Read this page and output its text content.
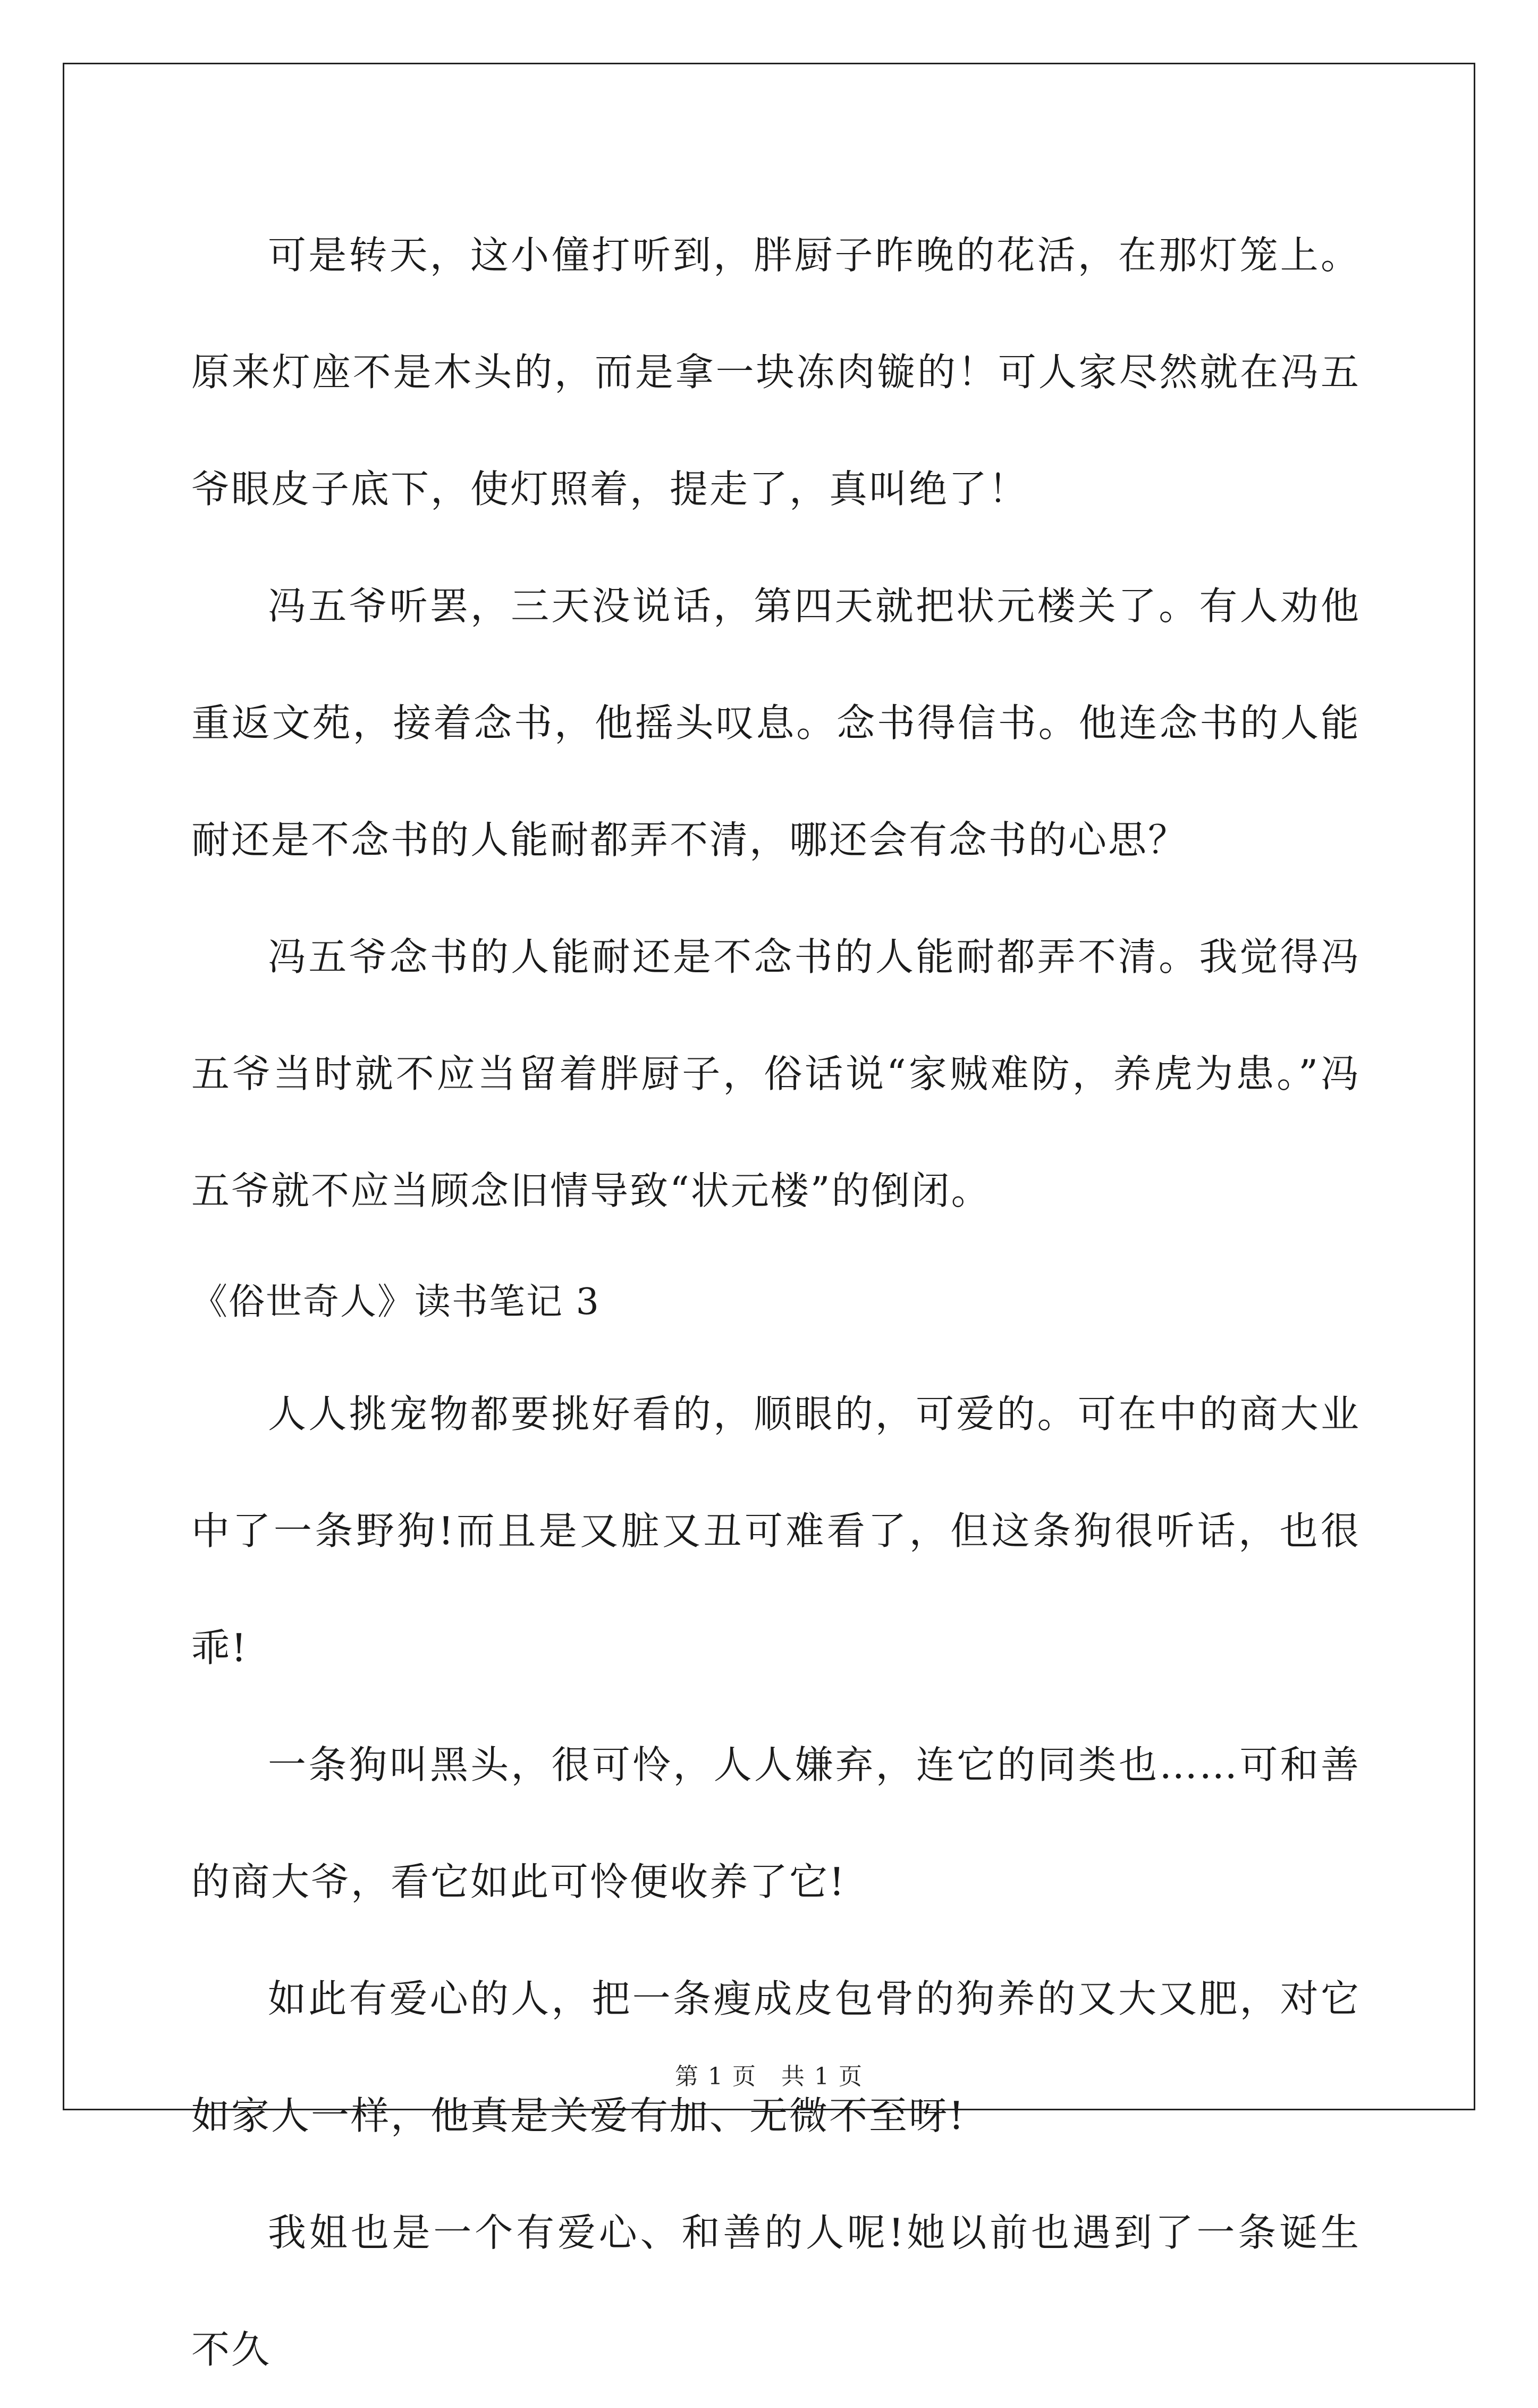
可是转天，这小僮打听到，胖厨子昨晚的花活，在那灯笼上。原来灯座不是木头的，而是拿一块冻肉镟的！可人家尽然就在冯五爷眼皮子底下，使灯照着，提走了，真叫绝了！

冯五爷听罢，三天没说话，第四天就把状元楼关了。有人劝他重返文苑，接着念书，他摇头叹息。念书得信书。他连念书的人能耐还是不念书的人能耐都弄不清，哪还会有念书的心思？

冯五爷念书的人能耐还是不念书的人能耐都弄不清。我觉得冯五爷当时就不应当留着胖厨子，俗话说“家贼难防，养虎为患。”冯五爷就不应当顾念旧情导致“状元楼”的倒闭。

《俗世奇人》读书笔记 3

人人挑宠物都要挑好看的，顺眼的，可爱的。可在中的商大业中了一条野狗!而且是又脏又丑可难看了，但这条狗很听话，也很乖!

一条狗叫黑头，很可怜，人人嫌弃，连它的同类也……可和善的商大爷，看它如此可怜便收养了它!

如此有爱心的人，把一条瘦成皮包骨的狗养的又大又肥，对它如家人一样，他真是关爱有加、无微不至呀!

我姐也是一个有爱心、和善的人呢!她以前也遇到了一条诞生不久

第 1 页　共 1 页
